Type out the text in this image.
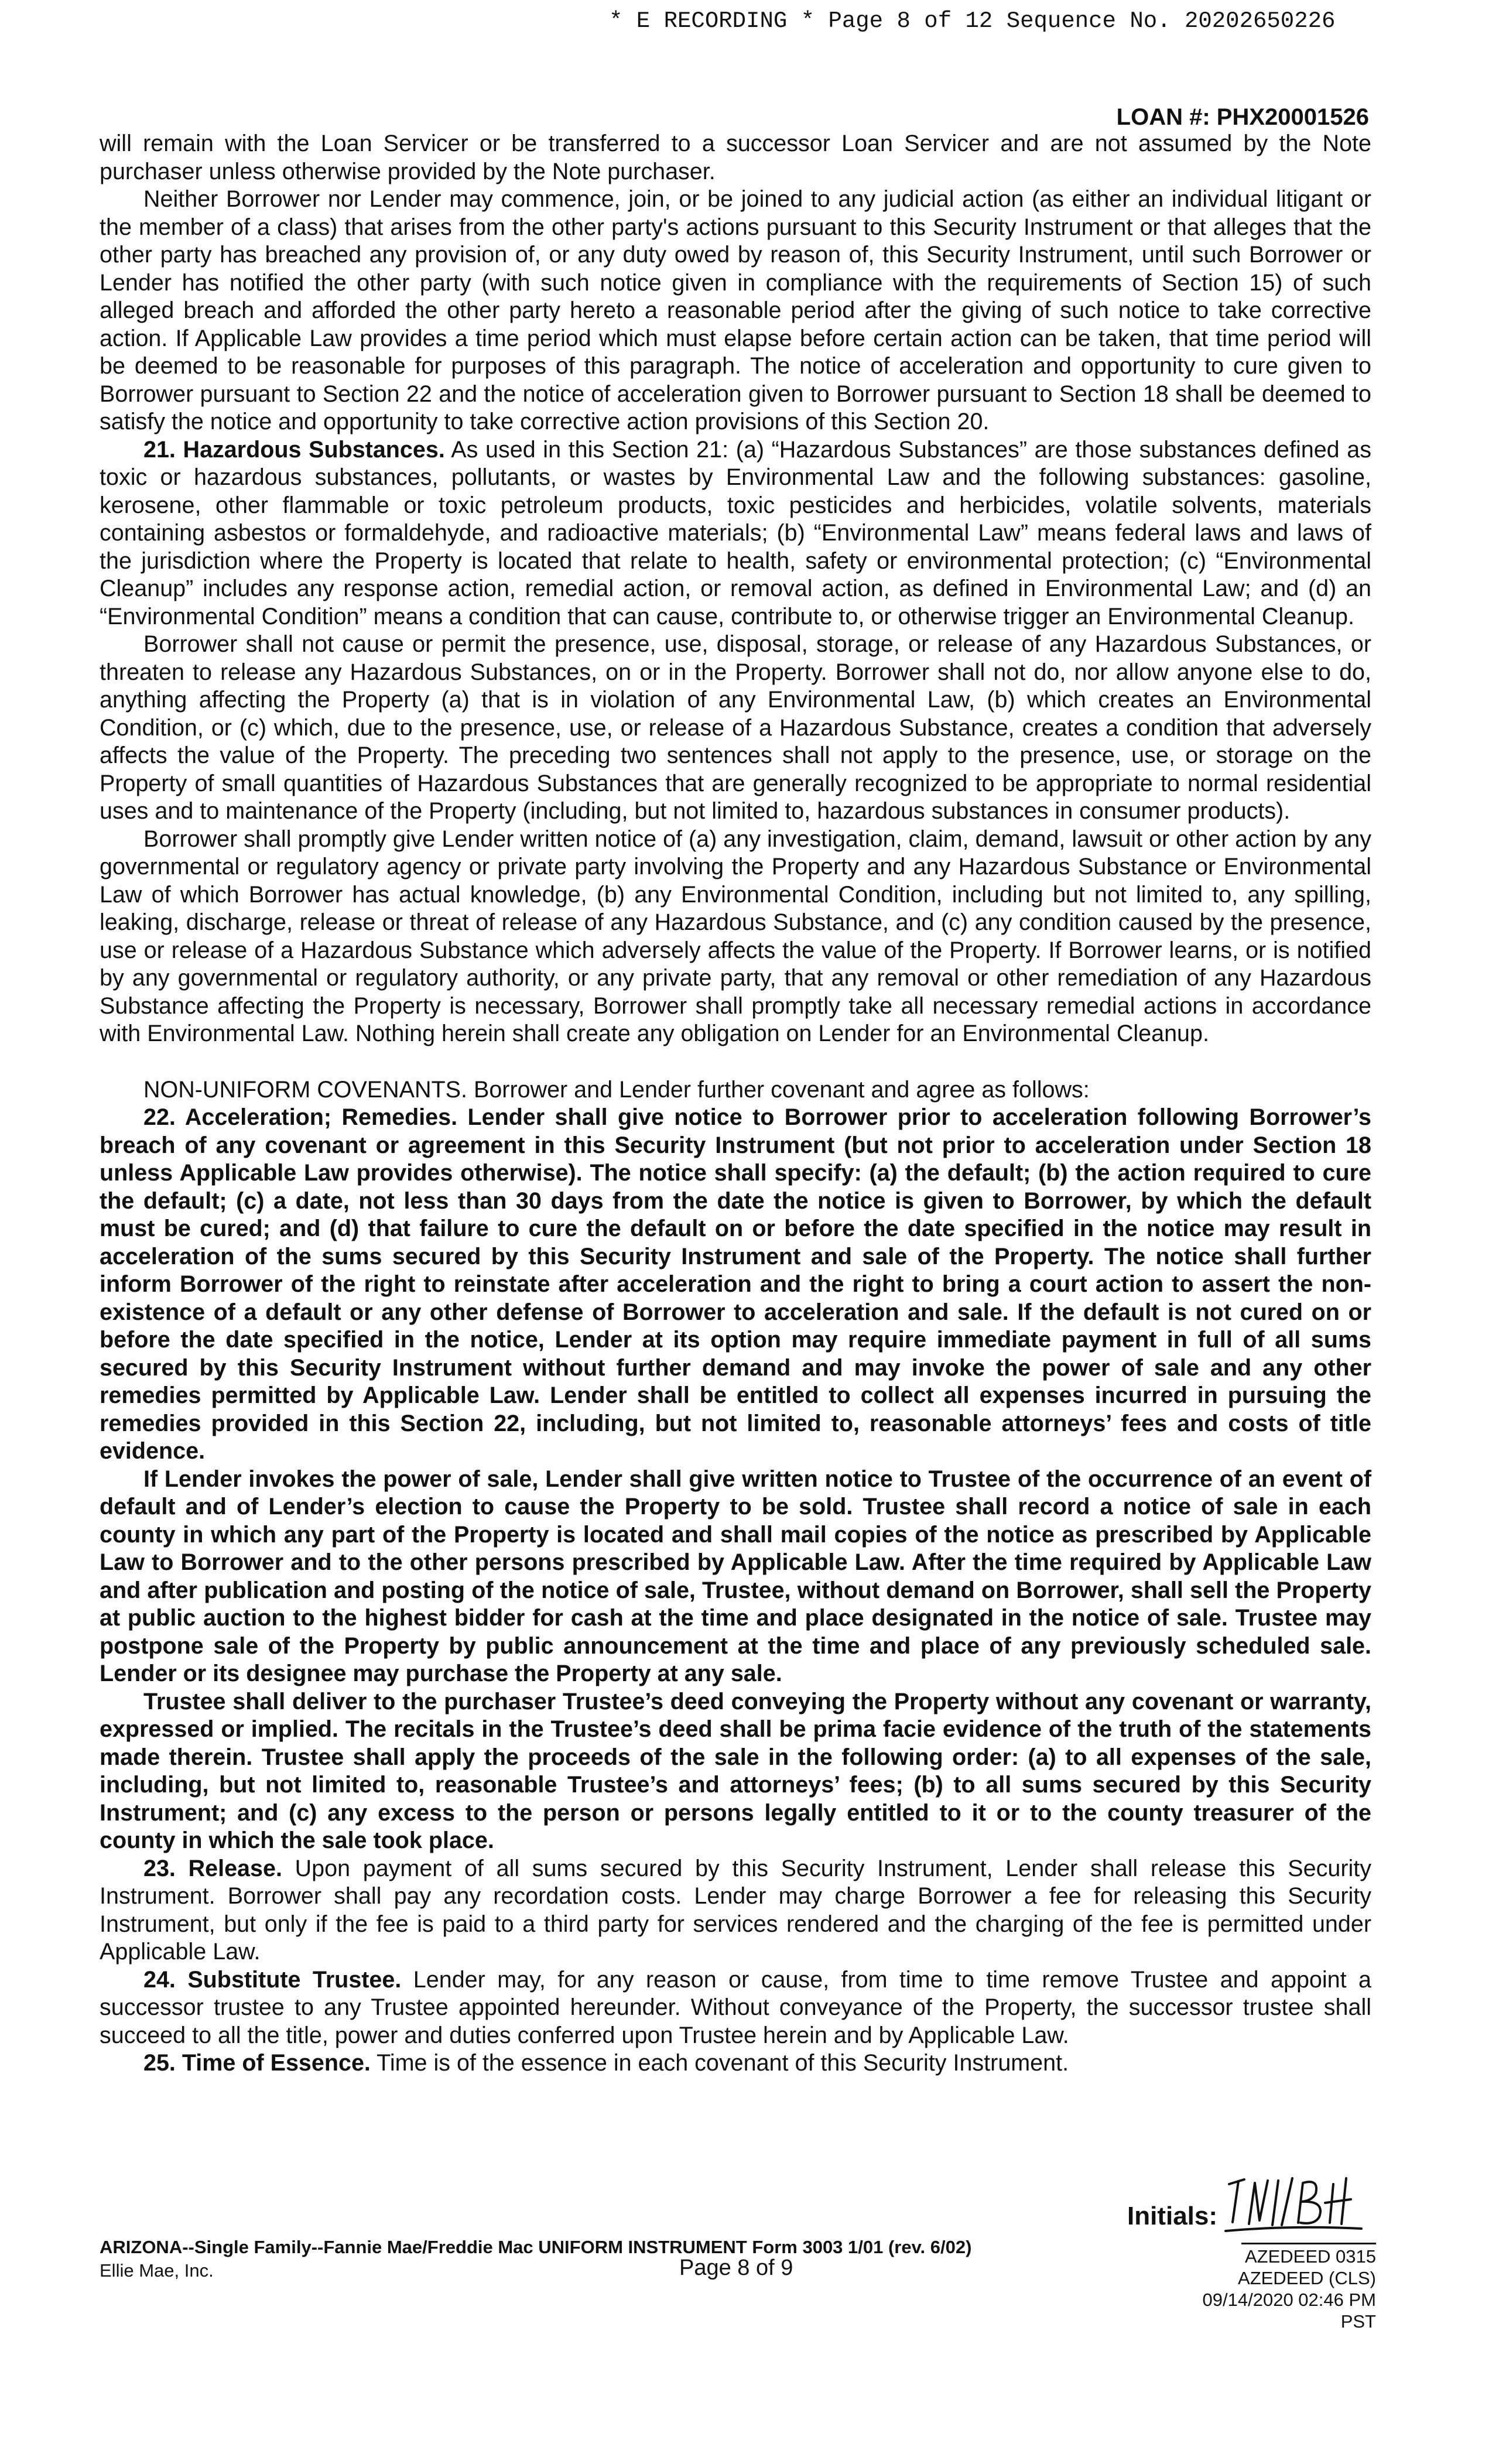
* E RECORDING * Page 8 of 12 Sequence No. 20202650226
LOAN #: PHX20001526

will remain with the Loan Servicer or be transferred to a successor Loan Servicer and are not assumed by the Note purchaser unless otherwise provided by the Note purchaser.

Neither Borrower nor Lender may commence, join, or be joined to any judicial action (as either an individual litigant or the member of a class) that arises from the other party's actions pursuant to this Security Instrument or that alleges that the other party has breached any provision of, or any duty owed by reason of, this Security Instrument, until such Borrower or Lender has notified the other party (with such notice given in compliance with the requirements of Section 15) of such alleged breach and afforded the other party hereto a reasonable period after the giving of such notice to take corrective action. If Applicable Law provides a time period which must elapse before certain action can be taken, that time period will be deemed to be reasonable for purposes of this paragraph. The notice of acceleration and opportunity to cure given to Borrower pursuant to Section 22 and the notice of acceleration given to Borrower pursuant to Section 18 shall be deemed to satisfy the notice and opportunity to take corrective action provisions of this Section 20.

21. Hazardous Substances. As used in this Section 21: (a) “Hazardous Substances” are those substances defined as toxic or hazardous substances, pollutants, or wastes by Environmental Law and the following substances: gasoline, kerosene, other flammable or toxic petroleum products, toxic pesticides and herbicides, volatile solvents, materials containing asbestos or formaldehyde, and radioactive materials; (b) “Environmental Law” means federal laws and laws of the jurisdiction where the Property is located that relate to health, safety or environmental protection; (c) “Environmental Cleanup” includes any response action, remedial action, or removal action, as defined in Environmental Law; and (d) an “Environmental Condition” means a condition that can cause, contribute to, or otherwise trigger an Environmental Cleanup.

Borrower shall not cause or permit the presence, use, disposal, storage, or release of any Hazardous Substances, or threaten to release any Hazardous Substances, on or in the Property. Borrower shall not do, nor allow anyone else to do, anything affecting the Property (a) that is in violation of any Environmental Law, (b) which creates an Environmental Condition, or (c) which, due to the presence, use, or release of a Hazardous Substance, creates a condition that adversely affects the value of the Property. The preceding two sentences shall not apply to the presence, use, or storage on the Property of small quantities of Hazardous Substances that are generally recognized to be appropriate to normal residential uses and to maintenance of the Property (including, but not limited to, hazardous substances in consumer products).

Borrower shall promptly give Lender written notice of (a) any investigation, claim, demand, lawsuit or other action by any governmental or regulatory agency or private party involving the Property and any Hazardous Substance or Environmental Law of which Borrower has actual knowledge, (b) any Environmental Condition, including but not limited to, any spilling, leaking, discharge, release or threat of release of any Hazardous Substance, and (c) any condition caused by the presence, use or release of a Hazardous Substance which adversely affects the value of the Property. If Borrower learns, or is notified by any governmental or regulatory authority, or any private party, that any removal or other remediation of any Hazardous Substance affecting the Property is necessary, Borrower shall promptly take all necessary remedial actions in accordance with Environmental Law. Nothing herein shall create any obligation on Lender for an Environmental Cleanup.

NON-UNIFORM COVENANTS. Borrower and Lender further covenant and agree as follows:

22. Acceleration; Remedies. Lender shall give notice to Borrower prior to acceleration following Borrower’s breach of any covenant or agreement in this Security Instrument (but not prior to acceleration under Section 18 unless Applicable Law provides otherwise). The notice shall specify: (a) the default; (b) the action required to cure the default; (c) a date, not less than 30 days from the date the notice is given to Borrower, by which the default must be cured; and (d) that failure to cure the default on or before the date specified in the notice may result in acceleration of the sums secured by this Security Instrument and sale of the Property. The notice shall further inform Borrower of the right to reinstate after acceleration and the right to bring a court action to assert the non-existence of a default or any other defense of Borrower to acceleration and sale. If the default is not cured on or before the date specified in the notice, Lender at its option may require immediate payment in full of all sums secured by this Security Instrument without further demand and may invoke the power of sale and any other remedies permitted by Applicable Law. Lender shall be entitled to collect all expenses incurred in pursuing the remedies provided in this Section 22, including, but not limited to, reasonable attorneys’ fees and costs of title evidence.

If Lender invokes the power of sale, Lender shall give written notice to Trustee of the occurrence of an event of default and of Lender’s election to cause the Property to be sold. Trustee shall record a notice of sale in each county in which any part of the Property is located and shall mail copies of the notice as prescribed by Applicable Law to Borrower and to the other persons prescribed by Applicable Law. After the time required by Applicable Law and after publication and posting of the notice of sale, Trustee, without demand on Borrower, shall sell the Property at public auction to the highest bidder for cash at the time and place designated in the notice of sale. Trustee may postpone sale of the Property by public announcement at the time and place of any previously scheduled sale. Lender or its designee may purchase the Property at any sale.

Trustee shall deliver to the purchaser Trustee’s deed conveying the Property without any covenant or warranty, expressed or implied. The recitals in the Trustee’s deed shall be prima facie evidence of the truth of the statements made therein. Trustee shall apply the proceeds of the sale in the following order: (a) to all expenses of the sale, including, but not limited to, reasonable Trustee’s and attorneys’ fees; (b) to all sums secured by this Security Instrument; and (c) any excess to the person or persons legally entitled to it or to the county treasurer of the county in which the sale took place.

23. Release. Upon payment of all sums secured by this Security Instrument, Lender shall release this Security Instrument. Borrower shall pay any recordation costs. Lender may charge Borrower a fee for releasing this Security Instrument, but only if the fee is paid to a third party for services rendered and the charging of the fee is permitted under Applicable Law.

24. Substitute Trustee. Lender may, for any reason or cause, from time to time remove Trustee and appoint a successor trustee to any Trustee appointed hereunder. Without conveyance of the Property, the successor trustee shall succeed to all the title, power and duties conferred upon Trustee herein and by Applicable Law.

25. Time of Essence. Time is of the essence in each covenant of this Security Instrument.

ARIZONA--Single Family--Fannie Mae/Freddie Mac UNIFORM INSTRUMENT Form 3003 1/01 (rev. 6/02)
Ellie Mae, Inc.	Page 8 of 9
Initials:
AZEDEED 0315
AZEDEED (CLS)
09/14/2020 02:46 PM PST
